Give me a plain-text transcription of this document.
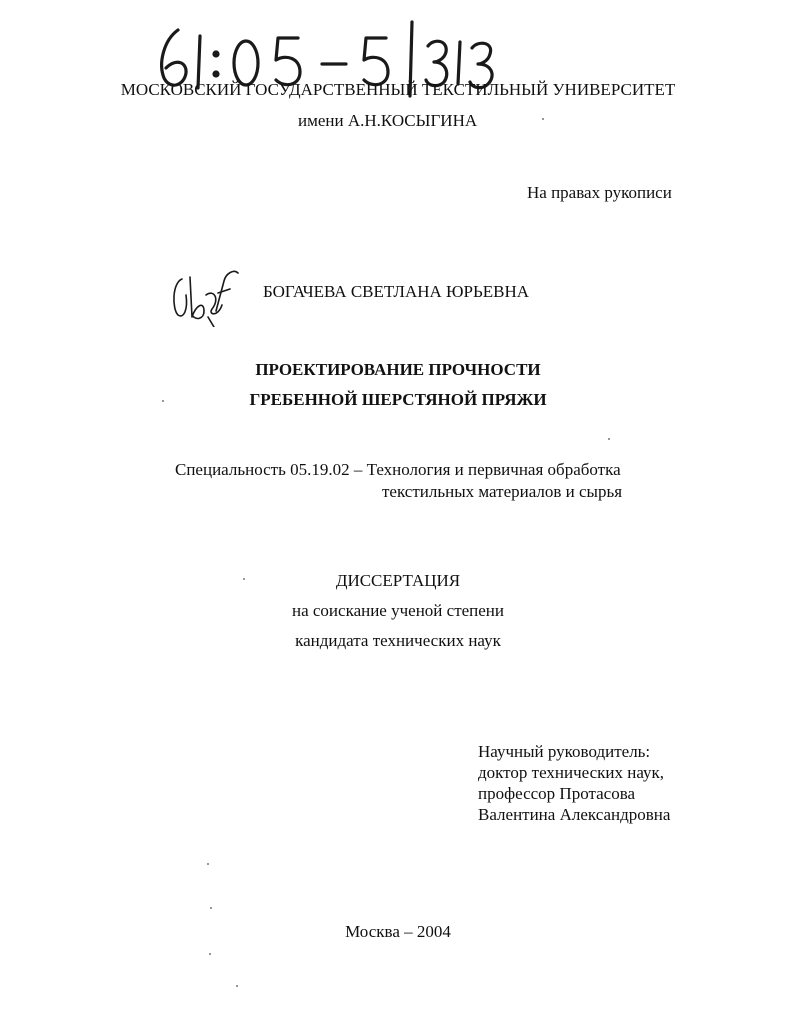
МОСКОВСКИЙ ГОСУДАРСТВЕННЫЙ ТЕКСТИЛЬНЫЙ УНИВЕРСИТЕТ
имени А.Н.КОСЫГИНА
На правах рукописи
БОГАЧЕВА СВЕТЛАНА ЮРЬЕВНА
ПРОЕКТИРОВАНИЕ ПРОЧНОСТИ
ГРЕБЕННОЙ ШЕРСТЯНОЙ ПРЯЖИ
Специальность 05.19.02 – Технология и первичная обработка
текстильных материалов и сырья
ДИССЕРТАЦИЯ
на соискание ученой степени
кандидата технических наук
Научный руководитель:
доктор технических наук,
профессор Протасова
Валентина Александровна
Москва – 2004
